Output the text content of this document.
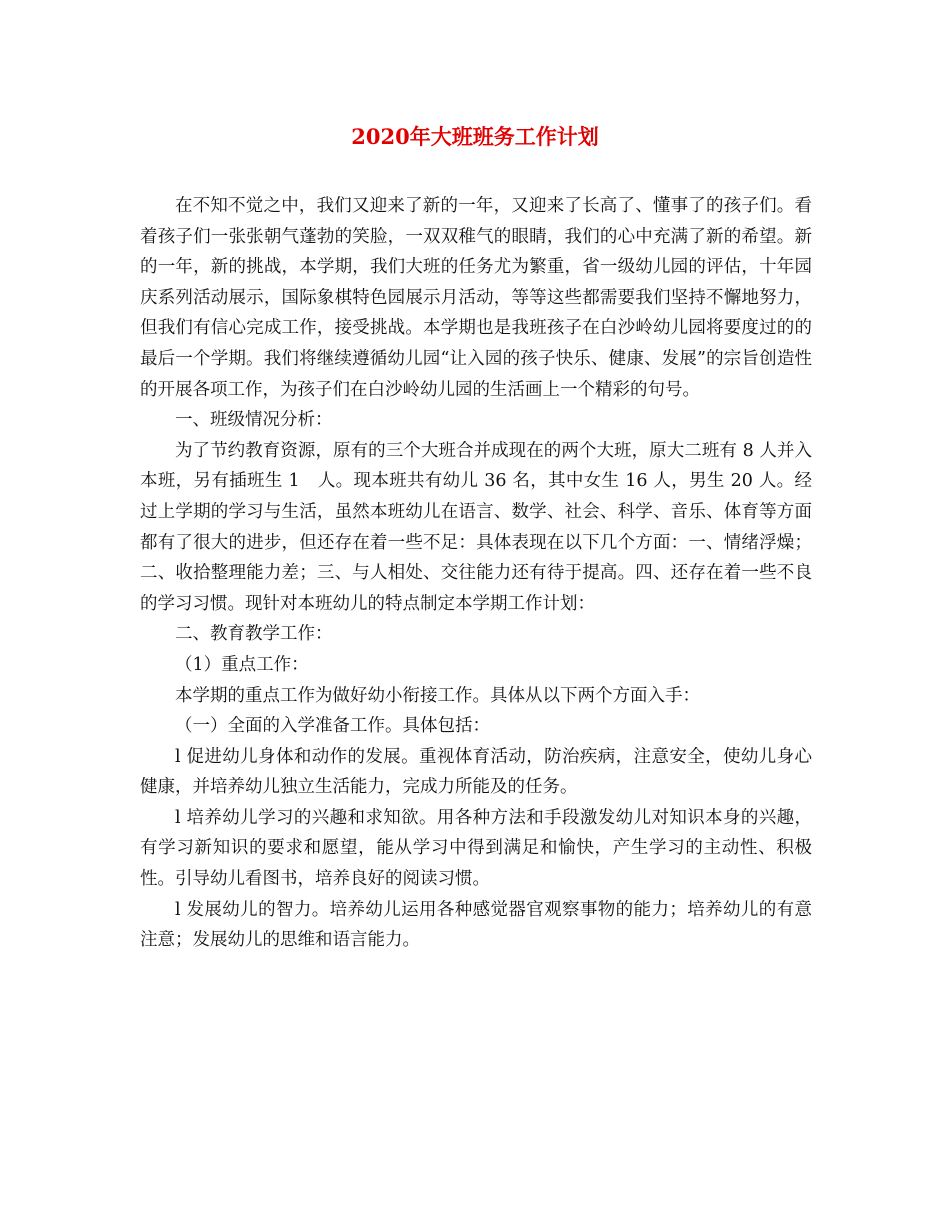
2020年大班班务工作计划

在不知不觉之中，我们又迎来了新的一年，又迎来了长高了、懂事了的孩子们。看着孩子们一张张朝气蓬勃的笑脸，一双双稚气的眼睛，我们的心中充满了新的希望。新的一年，新的挑战，本学期，我们大班的任务尤为繁重，省一级幼儿园的评估，十年园庆系列活动展示，国际象棋特色园展示月活动，等等这些都需要我们坚持不懈地努力，但我们有信心完成工作，接受挑战。本学期也是我班孩子在白沙岭幼儿园将要度过的的最后一个学期。我们将继续遵循幼儿园“让入园的孩子快乐、健康、发展”的宗旨创造性的开展各项工作，为孩子们在白沙岭幼儿园的生活画上一个精彩的句号。

一、班级情况分析：

为了节约教育资源，原有的三个大班合并成现在的两个大班，原大二班有 8 人并入本班，另有插班生 1　人。现本班共有幼儿 36 名，其中女生 16 人，男生 20 人。经过上学期的学习与生活，虽然本班幼儿在语言、数学、社会、科学、音乐、体育等方面都有了很大的进步，但还存在着一些不足：具体表现在以下几个方面：一、情绪浮燥；二、收拾整理能力差；三、与人相处、交往能力还有待于提高。四、还存在着一些不良的学习习惯。现针对本班幼儿的特点制定本学期工作计划：

二、教育教学工作：

（1）重点工作：

本学期的重点工作为做好幼小衔接工作。具体从以下两个方面入手：

（一）全面的入学准备工作。具体包括：

l 促进幼儿身体和动作的发展。重视体育活动，防治疾病，注意安全，使幼儿身心健康，并培养幼儿独立生活能力，完成力所能及的任务。

l 培养幼儿学习的兴趣和求知欲。用各种方法和手段激发幼儿对知识本身的兴趣，有学习新知识的要求和愿望，能从学习中得到满足和愉快，产生学习的主动性、积极性。引导幼儿看图书，培养良好的阅读习惯。

l 发展幼儿的智力。培养幼儿运用各种感觉器官观察事物的能力；培养幼儿的有意注意；发展幼儿的思维和语言能力。
